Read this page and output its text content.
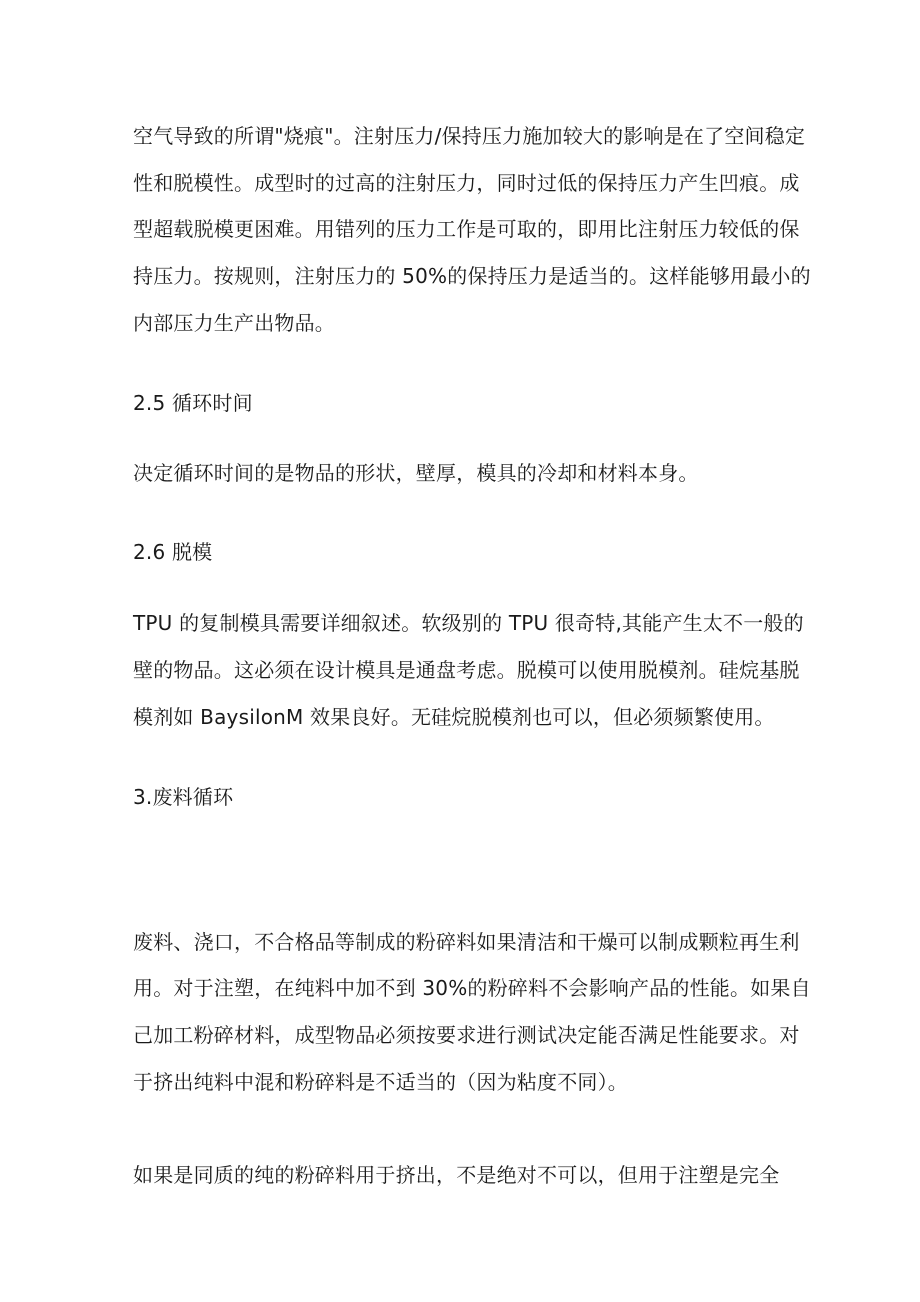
空气导致的所谓"烧痕"。注射压力/保持压力施加较大的影响是在了空间稳定
性和脱模性。成型时的过高的注射压力，同时过低的保持压力产生凹痕。成
型超载脱模更困难。用错列的压力工作是可取的，即用比注射压力较低的保
持压力。按规则，注射压力的 50%的保持压力是适当的。这样能够用最小的
内部压力生产出物品。
2.5 循环时间
决定循环时间的是物品的形状，壁厚，模具的冷却和材料本身。
2.6 脱模
TPU 的复制模具需要详细叙述。软级别的 TPU 很奇特,其能产生太不一般的
壁的物品。这必须在设计模具是通盘考虑。脱模可以使用脱模剂。硅烷基脱
模剂如 BaysilonM 效果良好。无硅烷脱模剂也可以，但必须频繁使用。
3.废料循环
废料、浇口，不合格品等制成的粉碎料如果清洁和干燥可以制成颗粒再生利
用。对于注塑，在纯料中加不到 30%的粉碎料不会影响产品的性能。如果自
己加工粉碎材料，成型物品必须按要求进行测试决定能否满足性能要求。对
于挤出纯料中混和粉碎料是不适当的（因为粘度不同）。
如果是同质的纯的粉碎料用于挤出，不是绝对不可以，但用于注塑是完全
